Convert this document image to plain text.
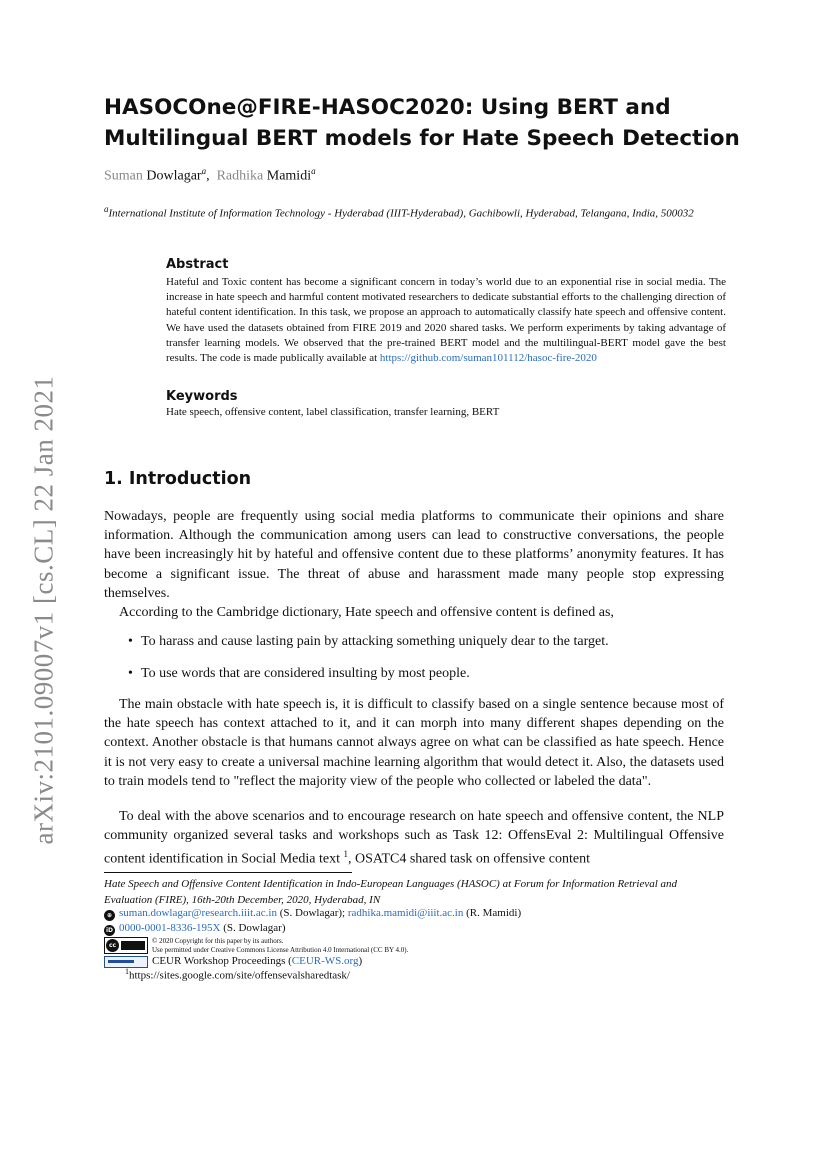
arXiv:2101.09007v1 [cs.CL] 22 Jan 2021
HASOCOne@FIRE-HASOC2020: Using BERT and
Multilingual BERT models for Hate Speech Detection
Suman Dowlagar$^a$, Radhika Mamidi$^a$
$^a$International Institute of Information Technology - Hyderabad (IIIT-Hyderabad), Gachibowli, Hyderabad, Telangana, India, 500032
Abstract
Hateful and Toxic content has become a significant concern in today’s world due to an exponential rise in social media. The increase in hate speech and harmful content motivated researchers to dedicate substantial efforts to the challenging direction of hateful content identification. In this task, we propose an approach to automatically classify hate speech and offensive content. We have used the datasets obtained from FIRE 2019 and 2020 shared tasks. We perform experiments by taking advantage of transfer learning models. We observed that the pre-trained BERT model and the multilingual-BERT model gave the best results. The code is made publically available at https://github.com/suman101112/hasoc-fire-2020
Keywords
Hate speech, offensive content, label classification, transfer learning, BERT
1. Introduction
Nowadays, people are frequently using social media platforms to communicate their opinions and share information. Although the communication among users can lead to constructive conversations, the people have been increasingly hit by hateful and offensive content due to these platforms’ anonymity features. It has become a significant issue. The threat of abuse and harassment made many people stop expressing themselves.
According to the Cambridge dictionary, Hate speech and offensive content is defined as,
• To harass and cause lasting pain by attacking something uniquely dear to the target.
• To use words that are considered insulting by most people.
The main obstacle with hate speech is, it is difficult to classify based on a single sentence because most of the hate speech has context attached to it, and it can morph into many different shapes depending on the context. Another obstacle is that humans cannot always agree on what can be classified as hate speech. Hence it is not very easy to create a universal machine learning algorithm that would detect it. Also, the datasets used to train models tend to "reflect the majority view of the people who collected or labeled the data".
To deal with the above scenarios and to encourage research on hate speech and offensive content, the NLP community organized several tasks and workshops such as Task 12: OffensEval 2: Multilingual Offensive content identification in Social Media text $^1$, OSATC4 shared task on offensive content
Hate Speech and Offensive Content Identification in Indo-European Languages (HASOC) at Forum for Information Retrieval and Evaluation (FIRE), 16th-20th December, 2020, Hyderabad, IN
⊕ suman.dowlagar@research.iiit.ac.in (S. Dowlagar); radhika.mamidi@iiit.ac.in (R. Mamidi)
iD 0000-0001-8336-195X (S. Dowlagar)
cc
© 2020 Copyright for this paper by its authors.
Use permitted under Creative Commons License Attribution 4.0 International (CC BY 4.0).
CEUR Workshop Proceedings (CEUR-WS.org)
$^1$https://sites.google.com/site/offensevalsharedtask/
